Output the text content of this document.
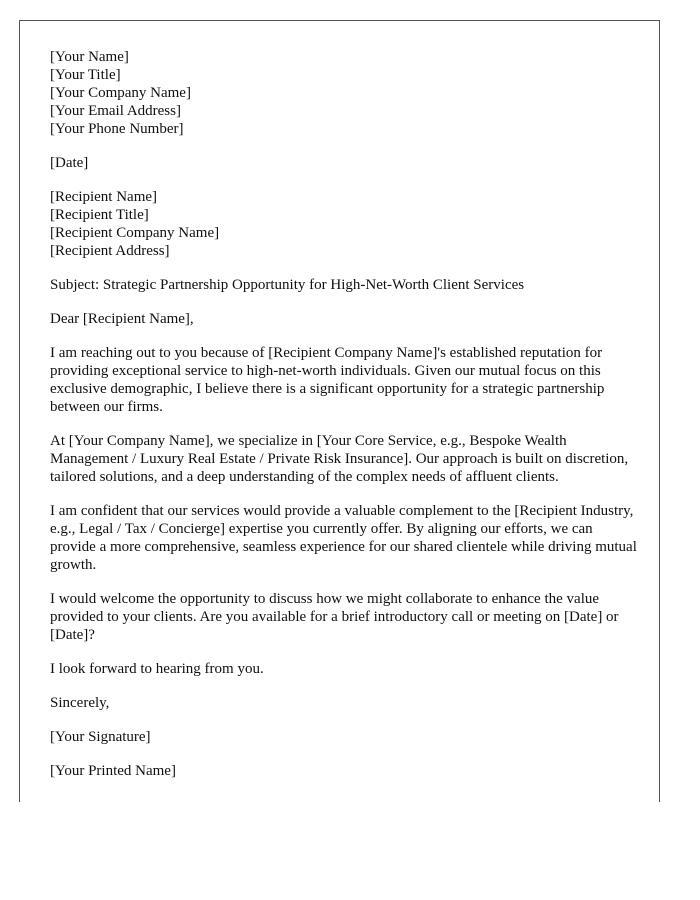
[Your Name]
[Your Title]
[Your Company Name]
[Your Email Address]
[Your Phone Number]
[Date]
[Recipient Name]
[Recipient Title]
[Recipient Company Name]
[Recipient Address]

Subject: Strategic Partnership Opportunity for High-Net-Worth Client Services

Dear [Recipient Name],

I am reaching out to you because of [Recipient Company Name]'s established reputation for providing exceptional service to high-net-worth individuals. Given our mutual focus on this exclusive demographic, I believe there is a significant opportunity for a strategic partnership between our firms.

At [Your Company Name], we specialize in [Your Core Service, e.g., Bespoke Wealth Management / Luxury Real Estate / Private Risk Insurance]. Our approach is built on discretion, tailored solutions, and a deep understanding of the complex needs of affluent clients.

I am confident that our services would provide a valuable complement to the [Recipient Industry, e.g., Legal / Tax / Concierge] expertise you currently offer. By aligning our efforts, we can provide a more comprehensive, seamless experience for our shared clientele while driving mutual growth.

I would welcome the opportunity to discuss how we might collaborate to enhance the value provided to your clients. Are you available for a brief introductory call or meeting on [Date] or [Date]?

I look forward to hearing from you.

Sincerely,

[Your Signature]

[Your Printed Name]
